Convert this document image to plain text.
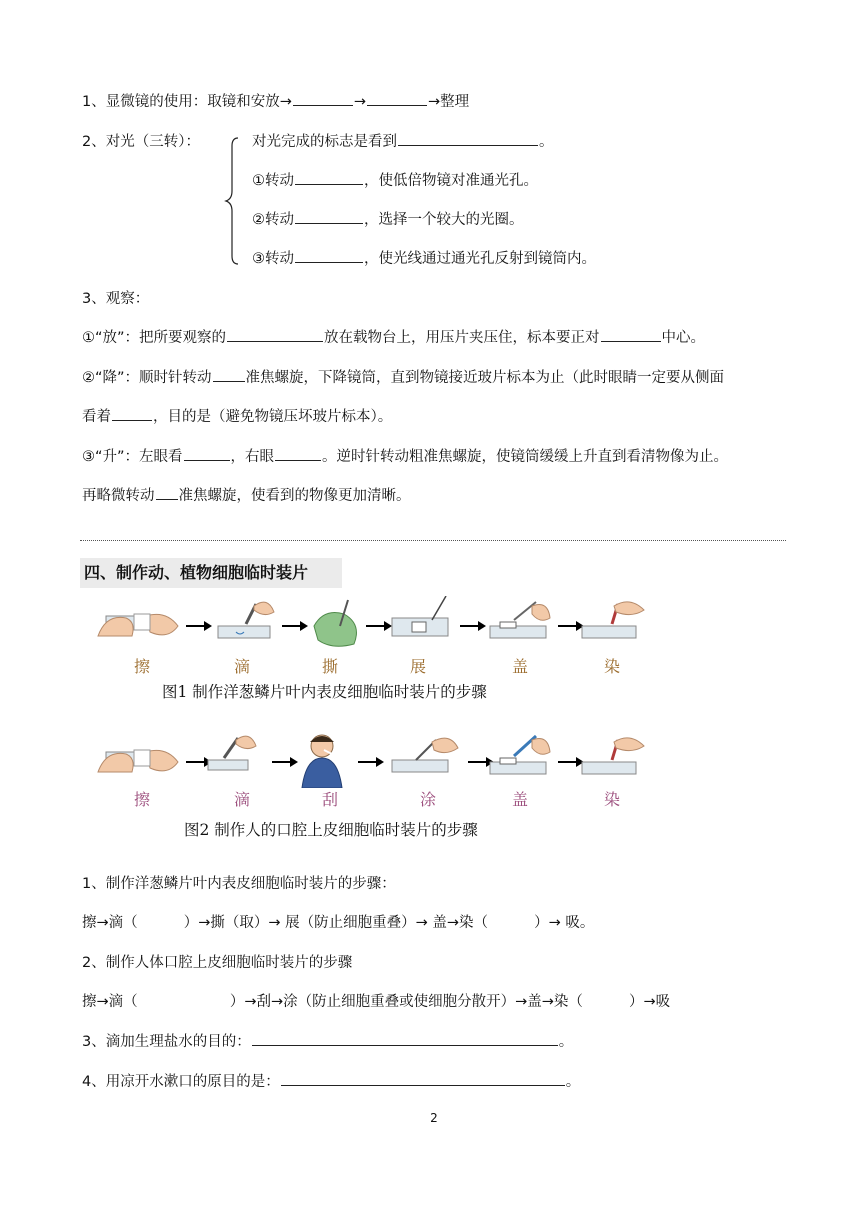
1、显微镜的使用：取镜和安放→	→	→整理
2、对光（三转）：	对光完成的标志是看到	。
①转动	，使低倍物镜对准通光孔。
②转动	，选择一个较大的光圈。
③转动	，使光线通过通光孔反射到镜筒内。
3、观察：
①“放”：把所要观察的	放在载物台上，用压片夹压住，标本要正对	中心。
②“降”：顺时针转动 准焦螺旋，下降镜筒，直到物镜接近玻片标本为止（此时眼睛一定要从侧面
看着	，目的是（避免物镜压坏玻片标本）。
③“升”：左眼看	，右眼	。逆时针转动粗准焦螺旋，使镜筒缓缓上升直到看清物像为止。
再略微转动 准焦螺旋，使看到的物像更加清晰。
四、制作动、植物细胞临时装片
擦	滴	撕	展	盖	染
图1 制作洋葱鳞片叶内表皮细胞临时装片的步骤
擦	滴	刮	涂	盖	染
图2 制作人的口腔上皮细胞临时装片的步骤
1、制作洋葱鳞片叶内表皮细胞临时装片的步骤：
擦→滴（          ）→撕（取）→ 展（防止细胞重叠）→ 盖→染（          ）→ 吸。
2、制作人体口腔上皮细胞临时装片的步骤
擦→滴（                    ）→刮→涂（防止细胞重叠或使细胞分散开）→盖→染（          ）→吸
3、滴加生理盐水的目的：	。
4、用凉开水漱口的原目的是：	。
2
